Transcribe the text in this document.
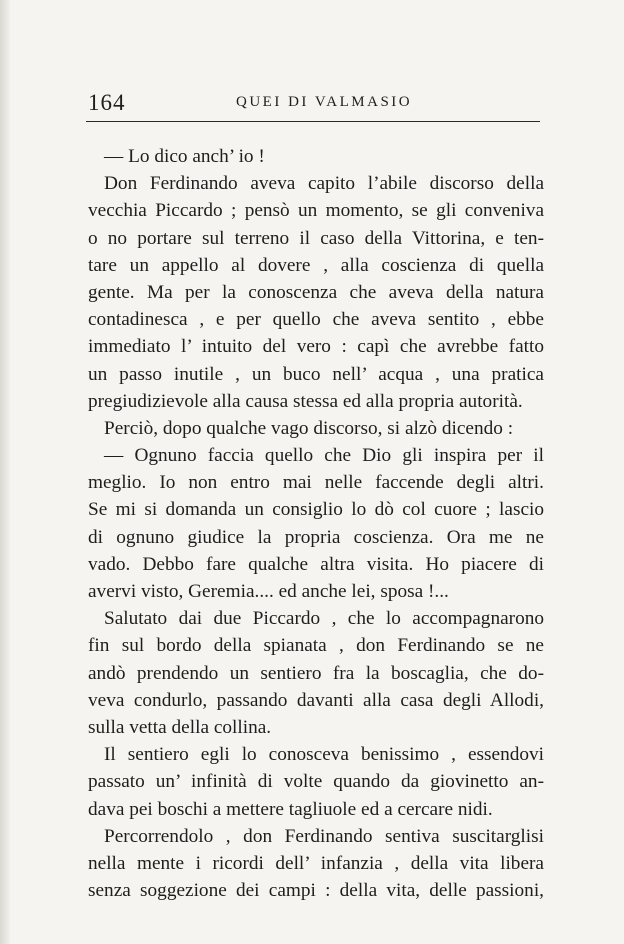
164	QUEI DI VALMASIO
— Lo dico anch’ io !
Don Ferdinando aveva capito l’abile discorso della
vecchia Piccardo ; pensò un momento, se gli conveniva
o no portare sul terreno il caso della Vittorina, e ten-
tare un appello al dovere , alla coscienza di quella
gente. Ma per la conoscenza che aveva della natura
contadinesca , e per quello che aveva sentito , ebbe
immediato l’ intuito del vero : capì che avrebbe fatto
un passo inutile , un buco nell’ acqua , una pratica
pregiudizievole alla causa stessa ed alla propria autorità.
Perciò, dopo qualche vago discorso, si alzò dicendo :
— Ognuno faccia quello che Dio gli inspira per il
meglio. Io non entro mai nelle faccende degli altri.
Se mi si domanda un consiglio lo dò col cuore ; lascio
di ognuno giudice la propria coscienza. Ora me ne
vado. Debbo fare qualche altra visita. Ho piacere di
avervi visto, Geremia.... ed anche lei, sposa !...
Salutato dai due Piccardo , che lo accompagnarono
fin sul bordo della spianata , don Ferdinando se ne
andò prendendo un sentiero fra la boscaglia, che do-
veva condurlo, passando davanti alla casa degli Allodi,
sulla vetta della collina.
Il sentiero egli lo conosceva benissimo , essendovi
passato un’ infinità di volte quando da giovinetto an-
dava pei boschi a mettere tagliuole ed a cercare nidi.
Percorrendolo , don Ferdinando sentiva suscitarglisi
nella mente i ricordi dell’ infanzia , della vita libera
senza soggezione dei campi : della vita, delle passioni,
